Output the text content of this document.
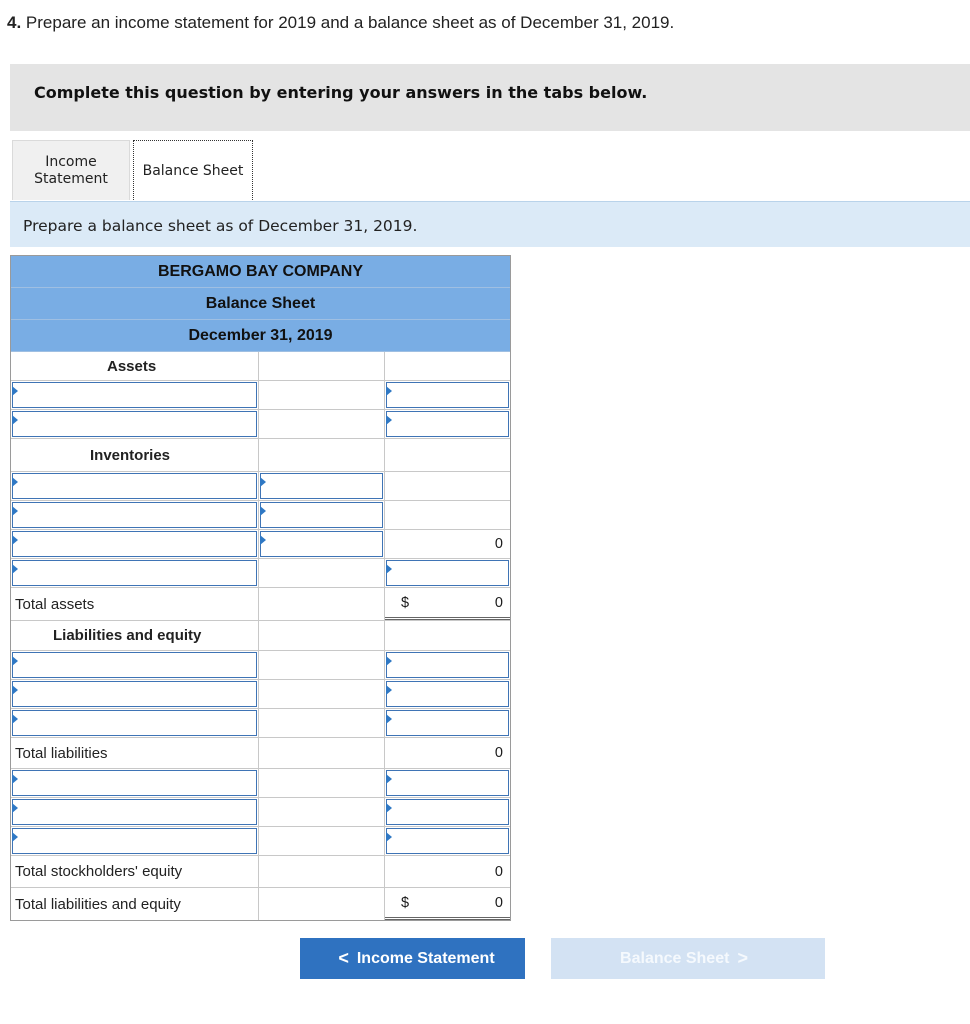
4. Prepare an income statement for 2019 and a balance sheet as of December 31, 2019.
Complete this question by entering your answers in the tabs below.
Income
Statement Balance Sheet
Prepare a balance sheet as of December 31, 2019.
BERGAMO BAY COMPANY
Balance Sheet
December 31, 2019
Assets
Inventories
0
Total assets	$	0
Liabilities and equity
Total liabilities	0
Total stockholders' equity	0
Total liabilities and equity	$	0
< Income Statement	Balance Sheet >
